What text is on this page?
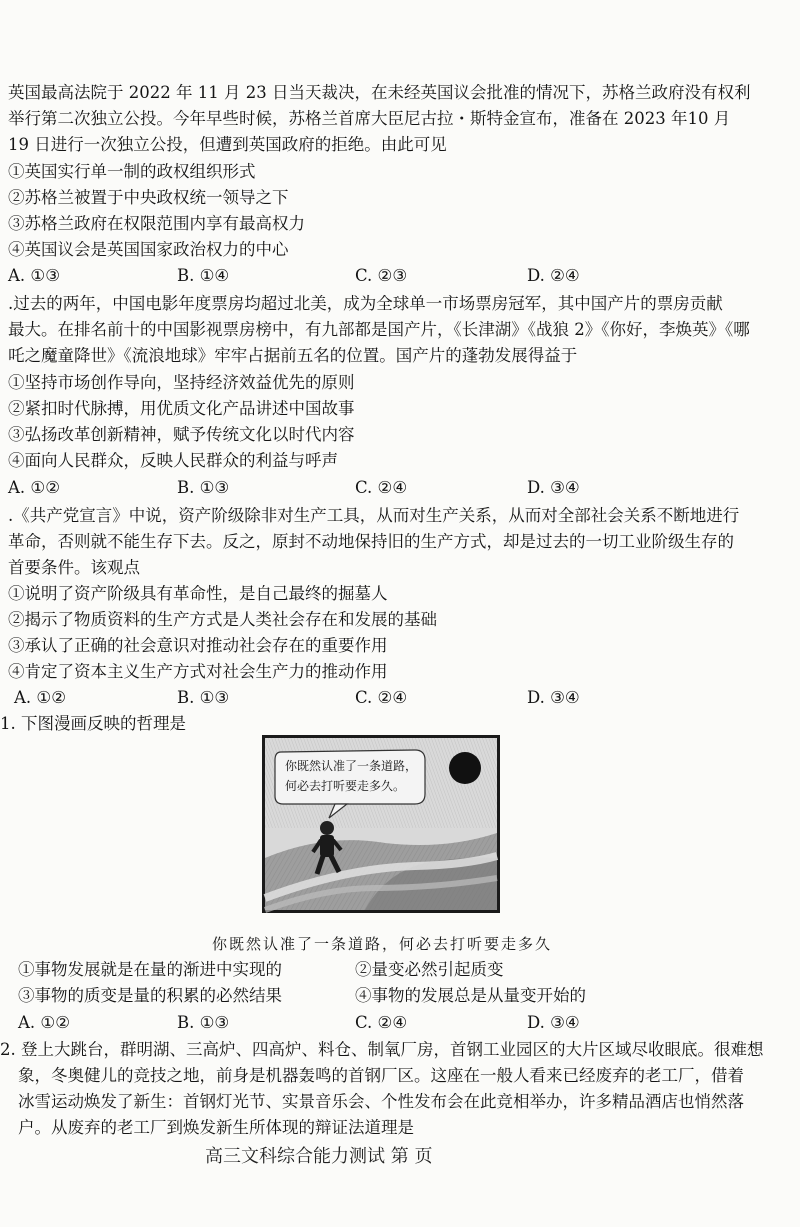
英国最高法院于 2022 年 11 月 23 日当天裁决，在未经英国议会批准的情况下，苏格兰政府没有权利
举行第二次独立公投。今年早些时候，苏格兰首席大臣尼古拉・斯特金宣布，准备在 2023 年10 月
19 日进行一次独立公投，但遭到英国政府的拒绝。由此可见
①英国实行单一制的政权组织形式
②苏格兰被置于中央政权统一领导之下
③苏格兰政府在权限范围内享有最高权力
④英国议会是英国国家政治权力的中心
A. ①③	B. ①④	C. ②③	D. ②④
.过去的两年，中国电影年度票房均超过北美，成为全球单一市场票房冠军，其中国产片的票房贡献
最大。在排名前十的中国影视票房榜中，有九部都是国产片，《长津湖》《战狼 2》《你好，李焕英》《哪
吒之魔童降世》《流浪地球》牢牢占据前五名的位置。国产片的蓬勃发展得益于
①坚持市场创作导向，坚持经济效益优先的原则
②紧扣时代脉搏，用优质文化产品讲述中国故事
③弘扬改革创新精神，赋予传统文化以时代内容
④面向人民群众，反映人民群众的利益与呼声
A. ①②	B. ①③	C. ②④	D. ③④
.《共产党宣言》中说，资产阶级除非对生产工具，从而对生产关系，从而对全部社会关系不断地进行
革命，否则就不能生存下去。反之，原封不动地保持旧的生产方式，却是过去的一切工业阶级生存的
首要条件。该观点
①说明了资产阶级具有革命性，是自己最终的掘墓人
②揭示了物质资料的生产方式是人类社会存在和发展的基础
③承认了正确的社会意识对推动社会存在的重要作用
④肯定了资本主义生产方式对社会生产力的推动作用
A. ①②	B. ①③	C. ②④	D. ③④
1. 下图漫画反映的哲理是
你既然认准了一条道路，
何必去打听要走多久。
你既然认准了一条道路，何必去打听要走多久
①事物发展就是在量的渐进中实现的	②量变必然引起质变
③事物的质变是量的积累的必然结果	④事物的发展总是从量变开始的
A. ①②	B. ①③	C. ②④	D. ③④
2. 登上大跳台，群明湖、三高炉、四高炉、料仓、制氧厂房，首钢工业园区的大片区域尽收眼底。很难想
象，冬奥健儿的竞技之地，前身是机器轰鸣的首钢厂区。这座在一般人看来已经废弃的老工厂，借着
冰雪运动焕发了新生：首钢灯光节、实景音乐会、个性发布会在此竞相举办，许多精品酒店也悄然落
户。从废弃的老工厂到焕发新生所体现的辩证法道理是
高三文科综合能力测试 第 页
